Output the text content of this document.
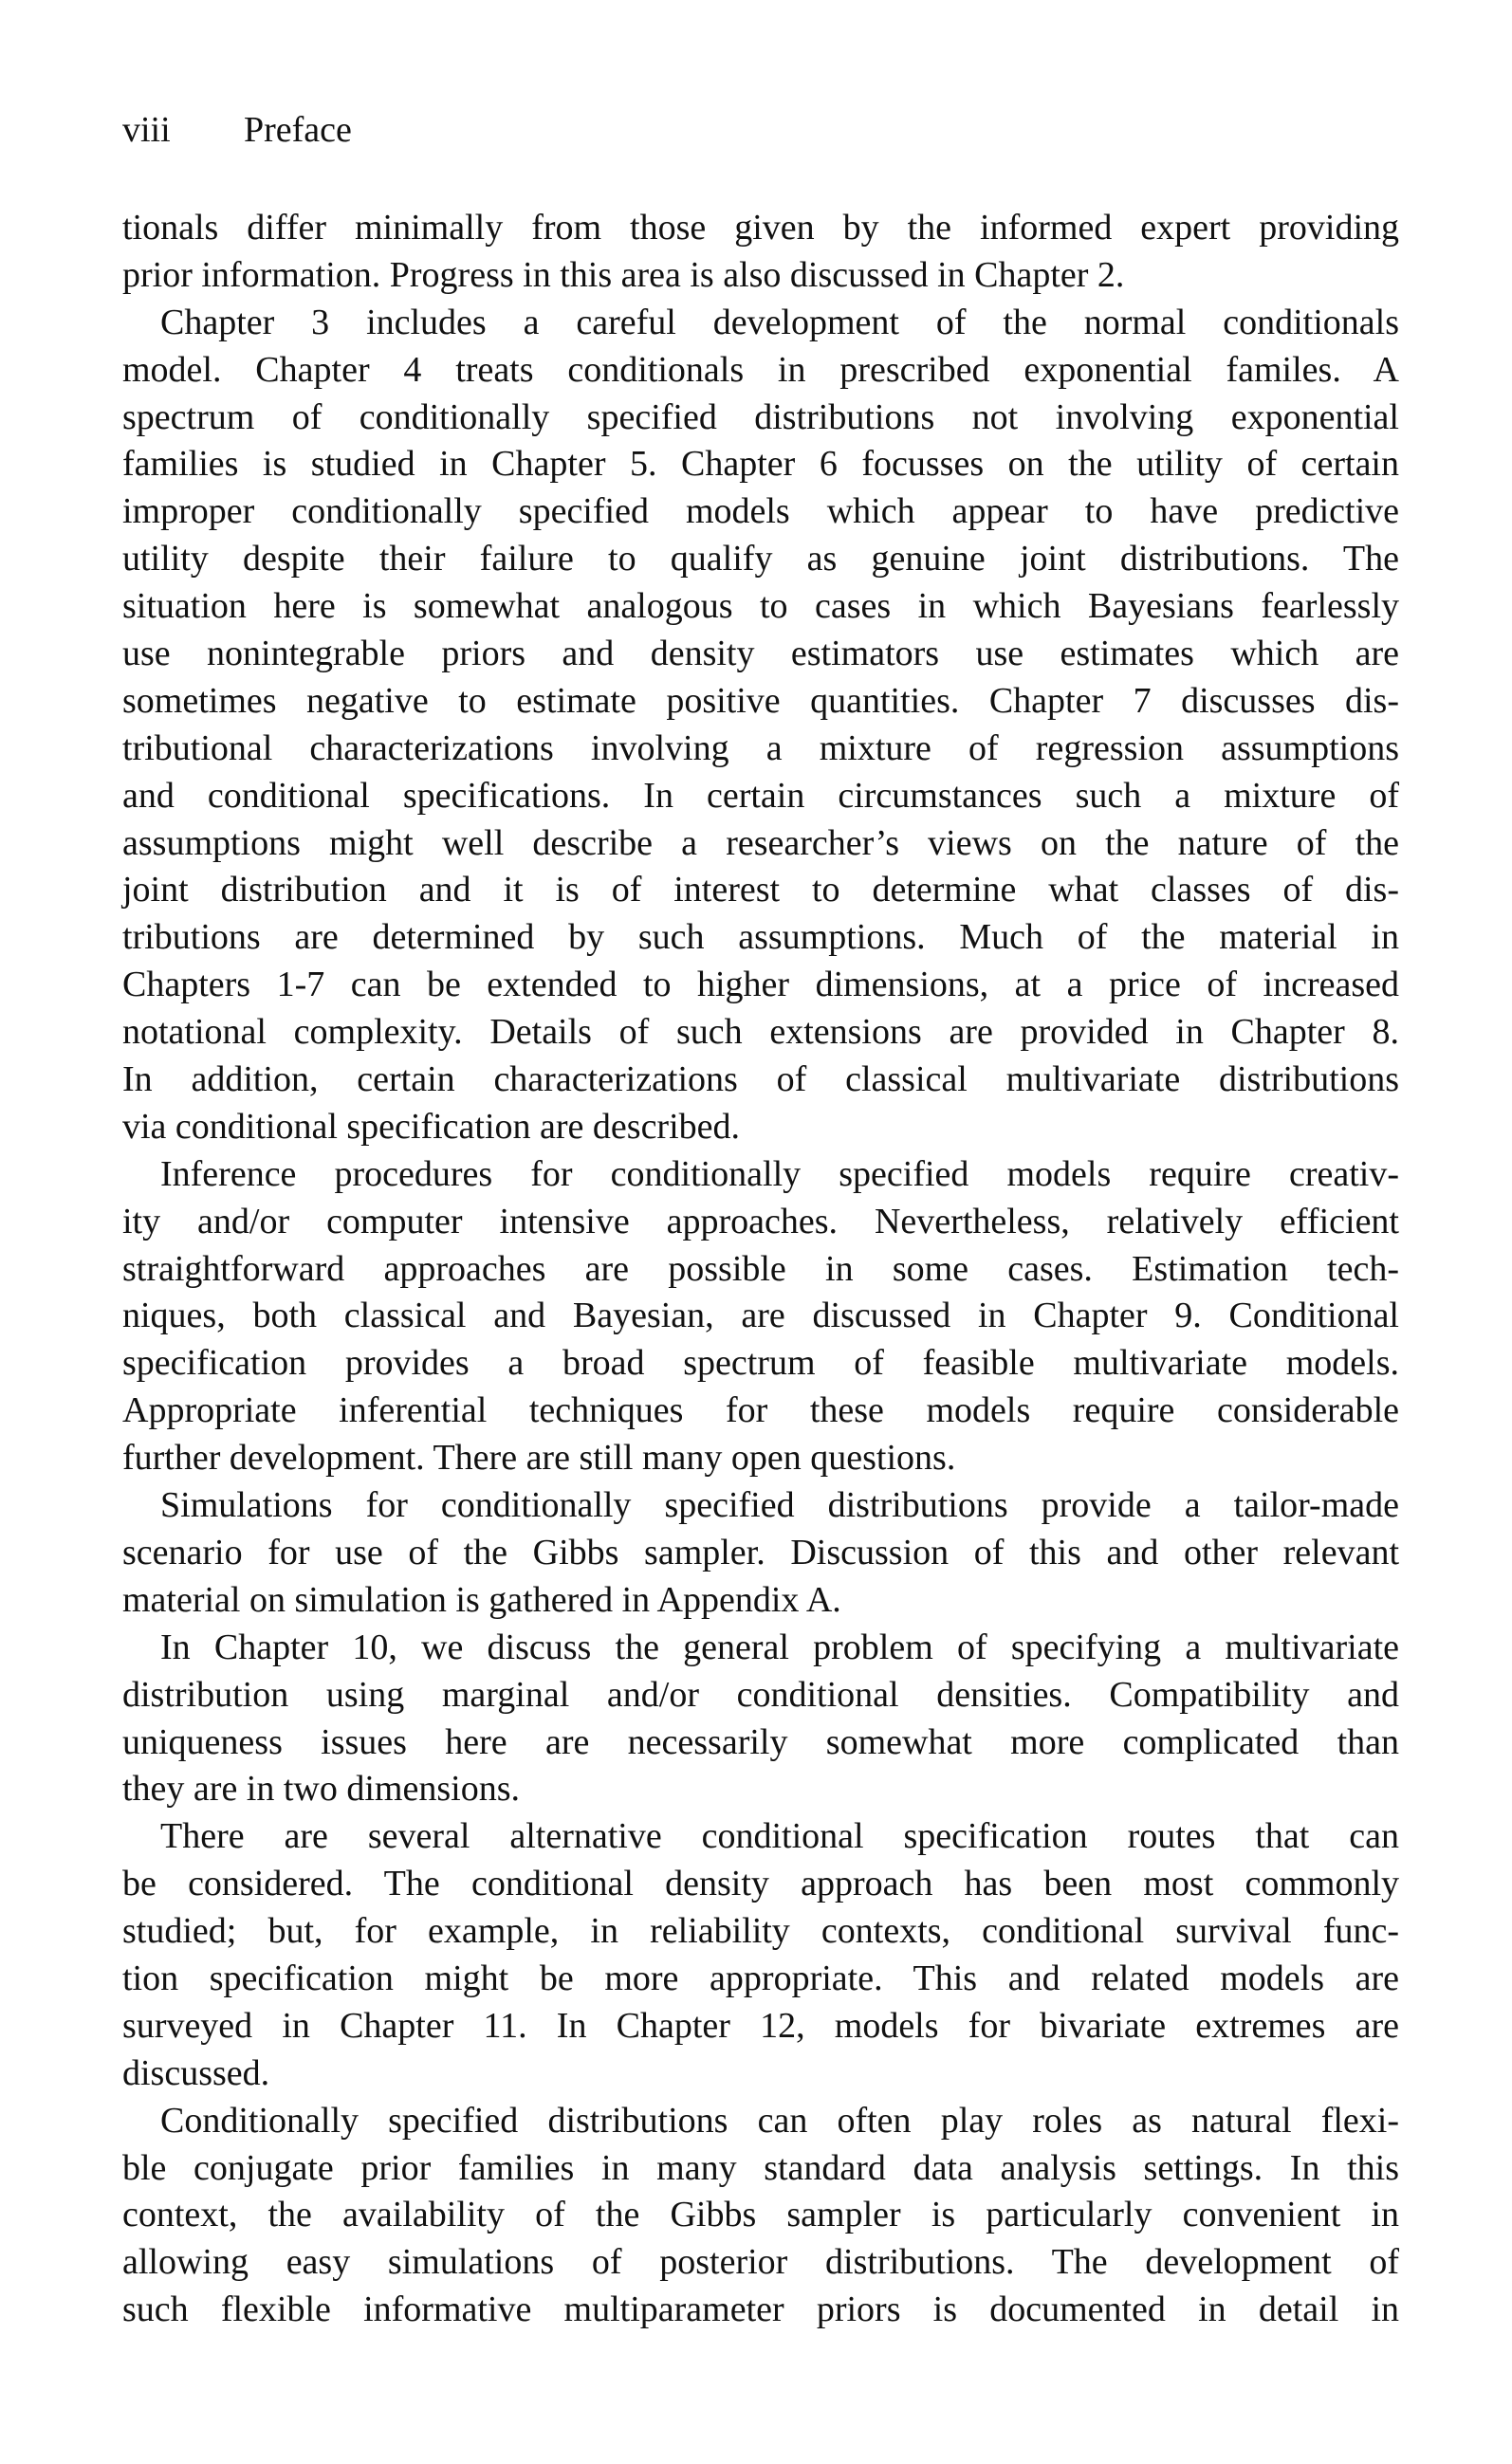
viii Preface
tionals differ minimally from those given by the informed expert providing
prior information. Progress in this area is also discussed in Chapter 2.
Chapter 3 includes a careful development of the normal conditionals
model. Chapter 4 treats conditionals in prescribed exponential familes. A
spectrum of conditionally specified distributions not involving exponential
families is studied in Chapter 5. Chapter 6 focusses on the utility of certain
improper conditionally specified models which appear to have predictive
utility despite their failure to qualify as genuine joint distributions. The
situation here is somewhat analogous to cases in which Bayesians fearlessly
use nonintegrable priors and density estimators use estimates which are
sometimes negative to estimate positive quantities. Chapter 7 discusses dis-
tributional characterizations involving a mixture of regression assumptions
and conditional specifications. In certain circumstances such a mixture of
assumptions might well describe a researcher’s views on the nature of the
joint distribution and it is of interest to determine what classes of dis-
tributions are determined by such assumptions. Much of the material in
Chapters 1-7 can be extended to higher dimensions, at a price of increased
notational complexity. Details of such extensions are provided in Chapter 8.
In addition, certain characterizations of classical multivariate distributions
via conditional specification are described.
Inference procedures for conditionally specified models require creativ-
ity and/or computer intensive approaches. Nevertheless, relatively efficient
straightforward approaches are possible in some cases. Estimation tech-
niques, both classical and Bayesian, are discussed in Chapter 9. Conditional
specification provides a broad spectrum of feasible multivariate models.
Appropriate inferential techniques for these models require considerable
further development. There are still many open questions.
Simulations for conditionally specified distributions provide a tailor-made
scenario for use of the Gibbs sampler. Discussion of this and other relevant
material on simulation is gathered in Appendix A.
In Chapter 10, we discuss the general problem of specifying a multivariate
distribution using marginal and/or conditional densities. Compatibility and
uniqueness issues here are necessarily somewhat more complicated than
they are in two dimensions.
There are several alternative conditional specification routes that can
be considered. The conditional density approach has been most commonly
studied; but, for example, in reliability contexts, conditional survival func-
tion specification might be more appropriate. This and related models are
surveyed in Chapter 11. In Chapter 12, models for bivariate extremes are
discussed.
Conditionally specified distributions can often play roles as natural flexi-
ble conjugate prior families in many standard data analysis settings. In this
context, the availability of the Gibbs sampler is particularly convenient in
allowing easy simulations of posterior distributions. The development of
such flexible informative multiparameter priors is documented in detail in
